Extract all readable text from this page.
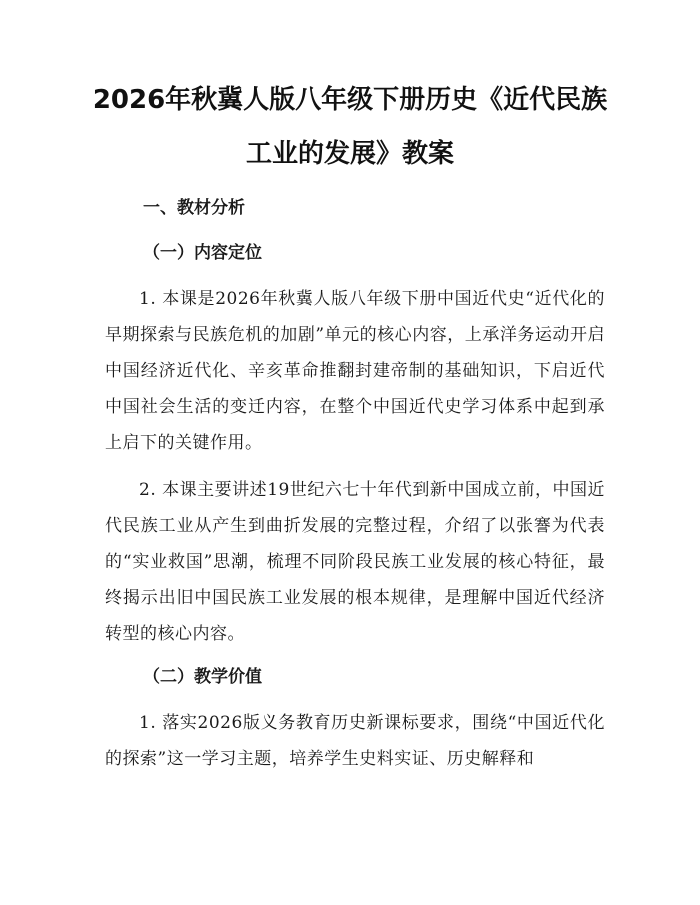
2026年秋冀人版八年级下册历史《近代民族
工业的发展》教案
一、教材分析
（一）内容定位

1. 本课是2026年秋冀人版八年级下册中国近代史“近代化的早期探索与民族危机的加剧”单元的核心内容，上承洋务运动开启中国经济近代化、辛亥革命推翻封建帝制的基础知识，下启近代中国社会生活的变迁内容，在整个中国近代史学习体系中起到承上启下的关键作用。

2. 本课主要讲述19世纪六七十年代到新中国成立前，中国近代民族工业从产生到曲折发展的完整过程，介绍了以张謇为代表的“实业救国”思潮，梳理不同阶段民族工业发展的核心特征，最终揭示出旧中国民族工业发展的根本规律，是理解中国近代经济转型的核心内容。

（二）教学价值

1. 落实2026版义务教育历史新课标要求，围绕“中国近代化的探索”这一学习主题，培养学生史料实证、历史解释和
